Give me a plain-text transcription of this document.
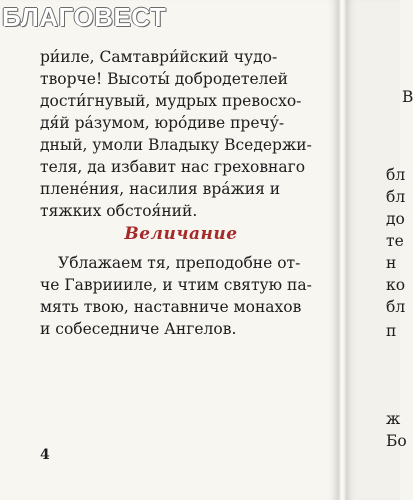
ри́иле, Самтаври́йский чудо-
творче! Высоты́ добродетелей
дости́гнувый, мудрых превосхо-
дя́й ра́зумом, юро́диве пречу́-
дный, умоли Владыку Вседержи-
теля, да избавит нас греховнаго
плене́ния, насилия вра́жия и
тяжких обстоя́ний.

Величание

Ублажаем тя, преподобне от-
че Гавриииле, и чтим святую па-
мять твою, наставниче монахов
и собеседниче Ангелов.

4
В
бл
бл
до
те
н
ко
бл
п
ж
Бо
БЛАГОВЕСТ
